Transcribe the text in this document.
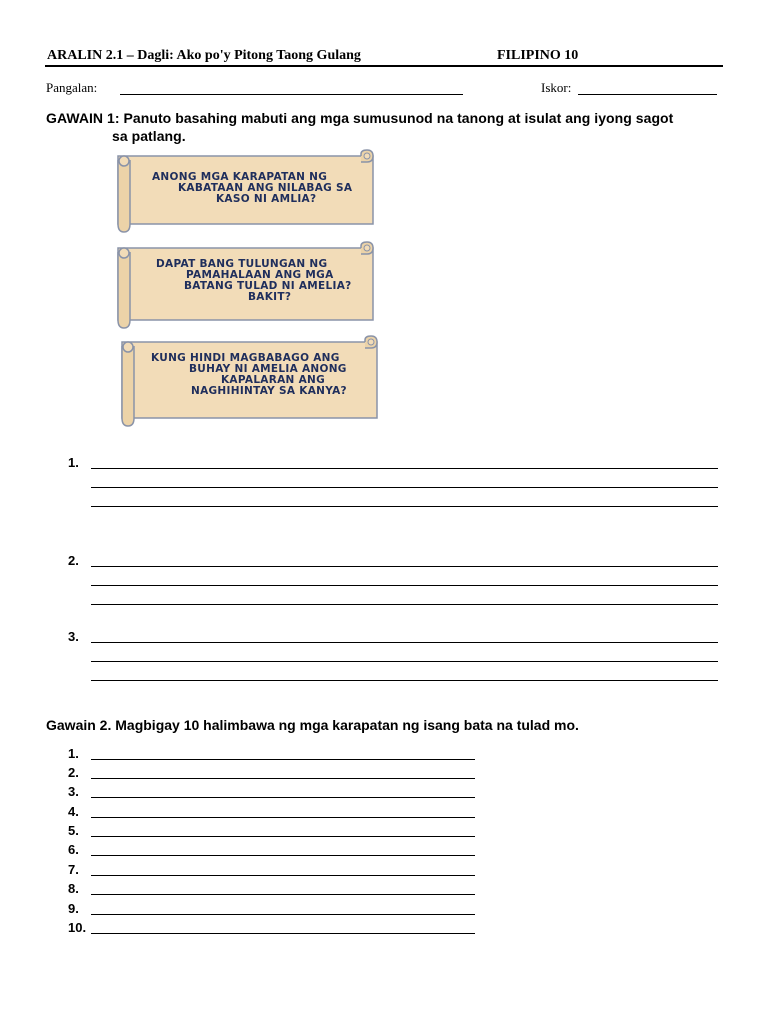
ARALIN 2.1 – Dagli: Ako po'y Pitong Taong Gulang	FILIPINO 10
Pangalan:	Iskor:
GAWAIN 1: Panuto basahing mabuti ang mga sumusunod na tanong at isulat ang iyong sagot
sa patlang.
ANONG MGA KARAPATAN NG
KABATAAN ANG NILABAG SA
KASO NI AMLIA?
DAPAT BANG TULUNGAN NG
PAMAHALAAN ANG MGA
BATANG TULAD NI AMELIA?
BAKIT?
KUNG HINDI MAGBABAGO ANG
BUHAY NI AMELIA ANONG
KAPALARAN ANG
NAGHIHINTAY SA KANYA?
1.
2.
3.
Gawain 2. Magbigay 10 halimbawa ng mga karapatan ng isang bata na tulad mo.
1.
2.
3.
4.
5.
6.
7.
8.
9.
10.
